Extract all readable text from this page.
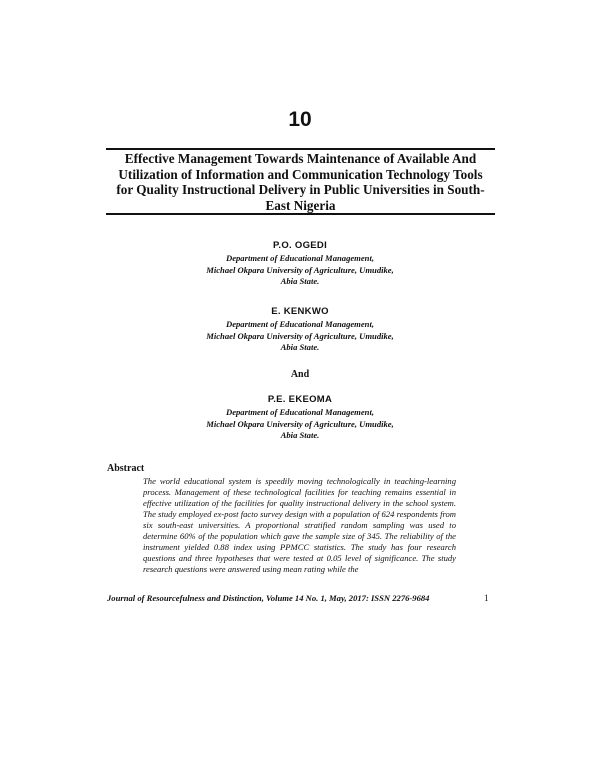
10
Effective Management Towards Maintenance of Available And
Utilization of Information and Communication Technology Tools
for Quality Instructional Delivery in Public Universities in South-
East Nigeria
P.O. OGEDI
Department of Educational Management,
Michael Okpara University of Agriculture, Umudike,
Abia State.
E. KENKWO
Department of Educational Management,
Michael Okpara University of Agriculture, Umudike,
Abia State.
And
P.E. EKEOMA
Department of Educational Management,
Michael Okpara University of Agriculture, Umudike,
Abia State.
Abstract
The world educational system is speedily moving technologically in teaching-learning process. Management of these technological facilities for teaching remains essential in effective utilization of the facilities for quality instructional delivery in the school system. The study employed ex-post facto survey design with a population of 624 respondents from six south-east universities. A proportional stratified random sampling was used to determine 60% of the population which gave the sample size of 345. The reliability of the instrument yielded 0.88 index using PPMCC statistics. The study has four research questions and three hypotheses that were tested at 0.05 level of significance. The study research questions were answered using mean rating while the
Journal of Resourcefulness and Distinction, Volume 14 No. 1, May, 2017: ISSN 2276-9684	1
